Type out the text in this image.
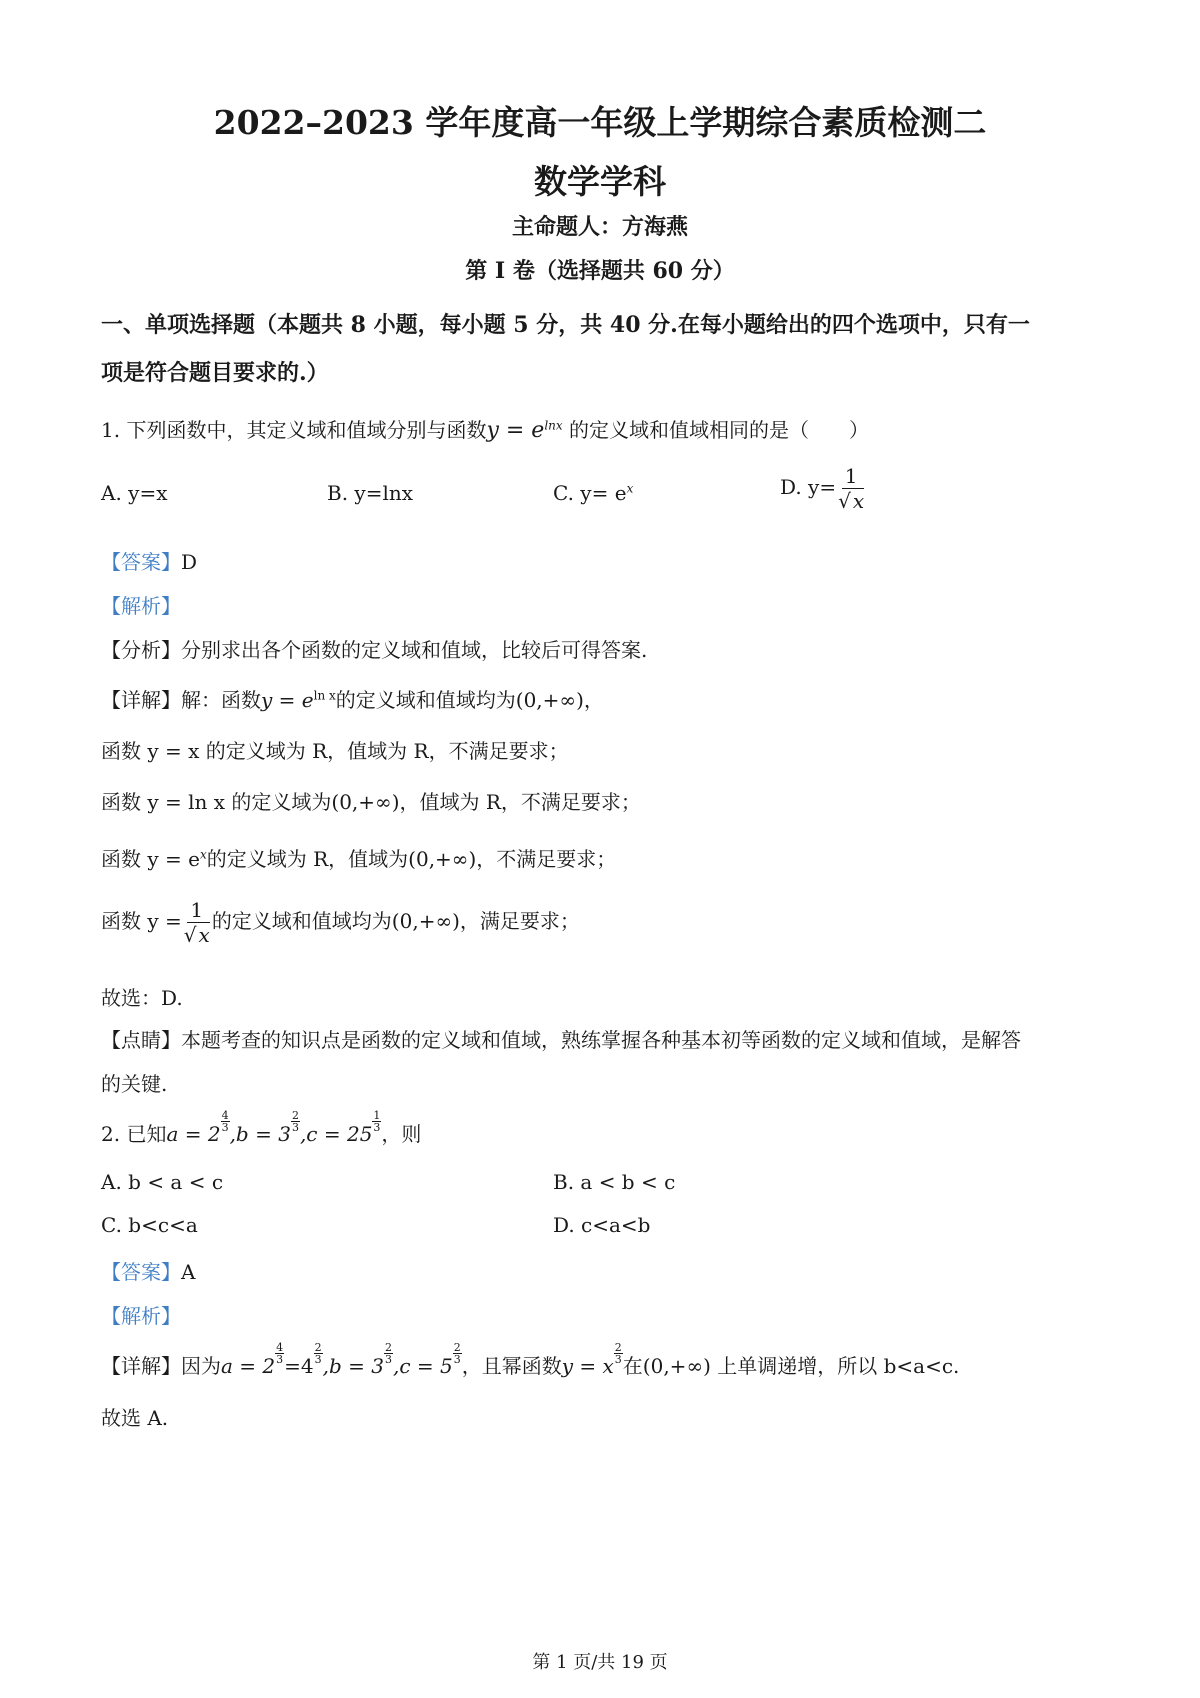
2022–2023 学年度高一年级上学期综合素质检测二
数学学科
主命题人：方海燕
第 I 卷（选择题共 60 分）
一、单项选择题（本题共 8 小题，每小题 5 分，共 40 分.在每小题给出的四个选项中，只有一
项是符合题目要求的.）
1. 下列函数中，其定义域和值域分别与函数$y = e^{lnx}$ 的定义域和值域相同的是（　　）
A. y=x	B. y=lnx	C. $y= e^x$	D. $y= \frac{1}{√ x}$
【答案】D
【解析】
【分析】分别求出各个函数的定义域和值域，比较后可得答案.
【详解】解：函数$y = e^{ln x}$的定义域和值域均为(0,+∞)，
函数 y = x 的定义域为 R，值域为 R，不满足要求；
函数 y = ln x 的定义域为(0,+∞)，值域为 R，不满足要求；
函数 $y = e^x$的定义域为 R，值域为(0,+∞)，不满足要求；
函数 $y = \frac{1}{√ x}$ 的定义域和值域均为(0,+∞)，满足要求；
故选：D.
【点睛】本题考查的知识点是函数的定义域和值域，熟练掌握各种基本初等函数的定义域和值域，是解答
的关键.
2. 已知a = 2
$\frac{4}{3}$
,b = 3
$\frac{2}{3}$
,c = 25
$\frac{1}{3}$
，则
A. b < a < c	B. a < b < c
C. b<c<a	D. c<a<b
【答案】A
【解析】
【详解】因为a = 2
$\frac{4}{3}$
=4
$\frac{2}{3}$
,b = 3
$\frac{2}{3}$
,c = 5
$\frac{2}{3}$
，且幂函数y = x
$\frac{2}{3}$
在(0,+∞) 上单调递增，所以 b<a<c.
故选 A.
第 1 页/共 19 页
